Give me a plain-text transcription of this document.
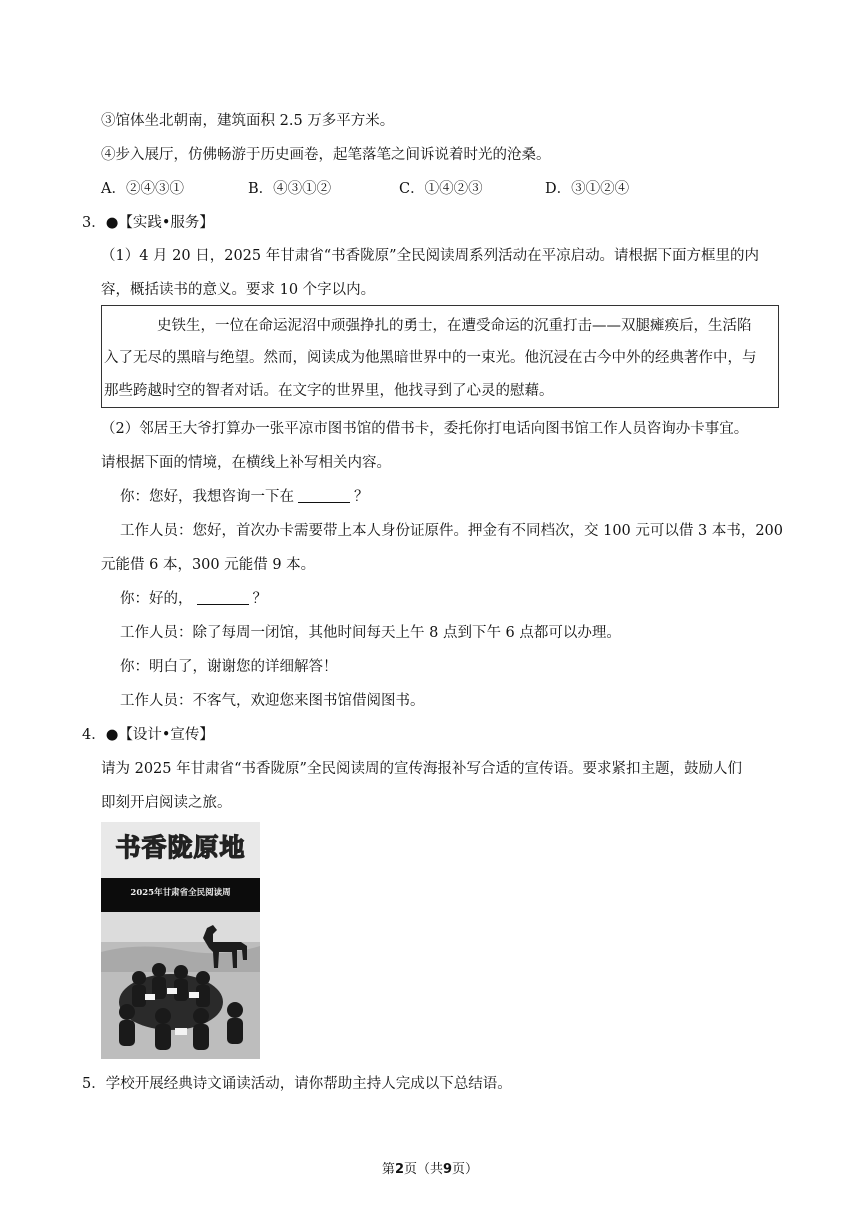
③馆体坐北朝南，建筑面积 2.5 万多平方米。
④步入展厅，仿佛畅游于历史画卷，起笔落笔之间诉说着时光的沧桑。
A．②④③①	B．④③①②	C．①④②③	D．③①②④
3．●【实践•服务】
（1）4 月 20 日，2025 年甘肃省“书香陇原”全民阅读周系列活动在平凉启动。请根据下面方框里的内
容，概括读书的意义。要求 10 个字以内。
史铁生，一位在命运泥沼中顽强挣扎的勇士，在遭受命运的沉重打击——双腿瘫痪后，生活陷
入了无尽的黑暗与绝望。然而，阅读成为他黑暗世界中的一束光。他沉浸在古今中外的经典著作中，与
那些跨越时空的智者对话。在文字的世界里，他找寻到了心灵的慰藉。
（2）邻居王大爷打算办一张平凉市图书馆的借书卡，委托你打电话向图书馆工作人员咨询办卡事宜。
请根据下面的情境，在横线上补写相关内容。
你：您好，我想咨询一下在	？
工作人员：您好，首次办卡需要带上本人身份证原件。押金有不同档次，交 100 元可以借 3 本书，200
元能借 6 本，300 元能借 9 本。
你：好的，	？
工作人员：除了每周一闭馆，其他时间每天上午 8 点到下午 6 点都可以办理。
你：明白了，谢谢您的详细解答！
工作人员：不客气，欢迎您来图书馆借阅图书。
4．●【设计•宣传】
请为 2025 年甘肃省“书香陇原”全民阅读周的宣传海报补写合适的宣传语。要求紧扣主题，鼓励人们
即刻开启阅读之旅。
书香陇原地
2025年甘肃省全民阅读周
5．学校开展经典诗文诵读活动，请你帮助主持人完成以下总结语。
第2页（共9页）
